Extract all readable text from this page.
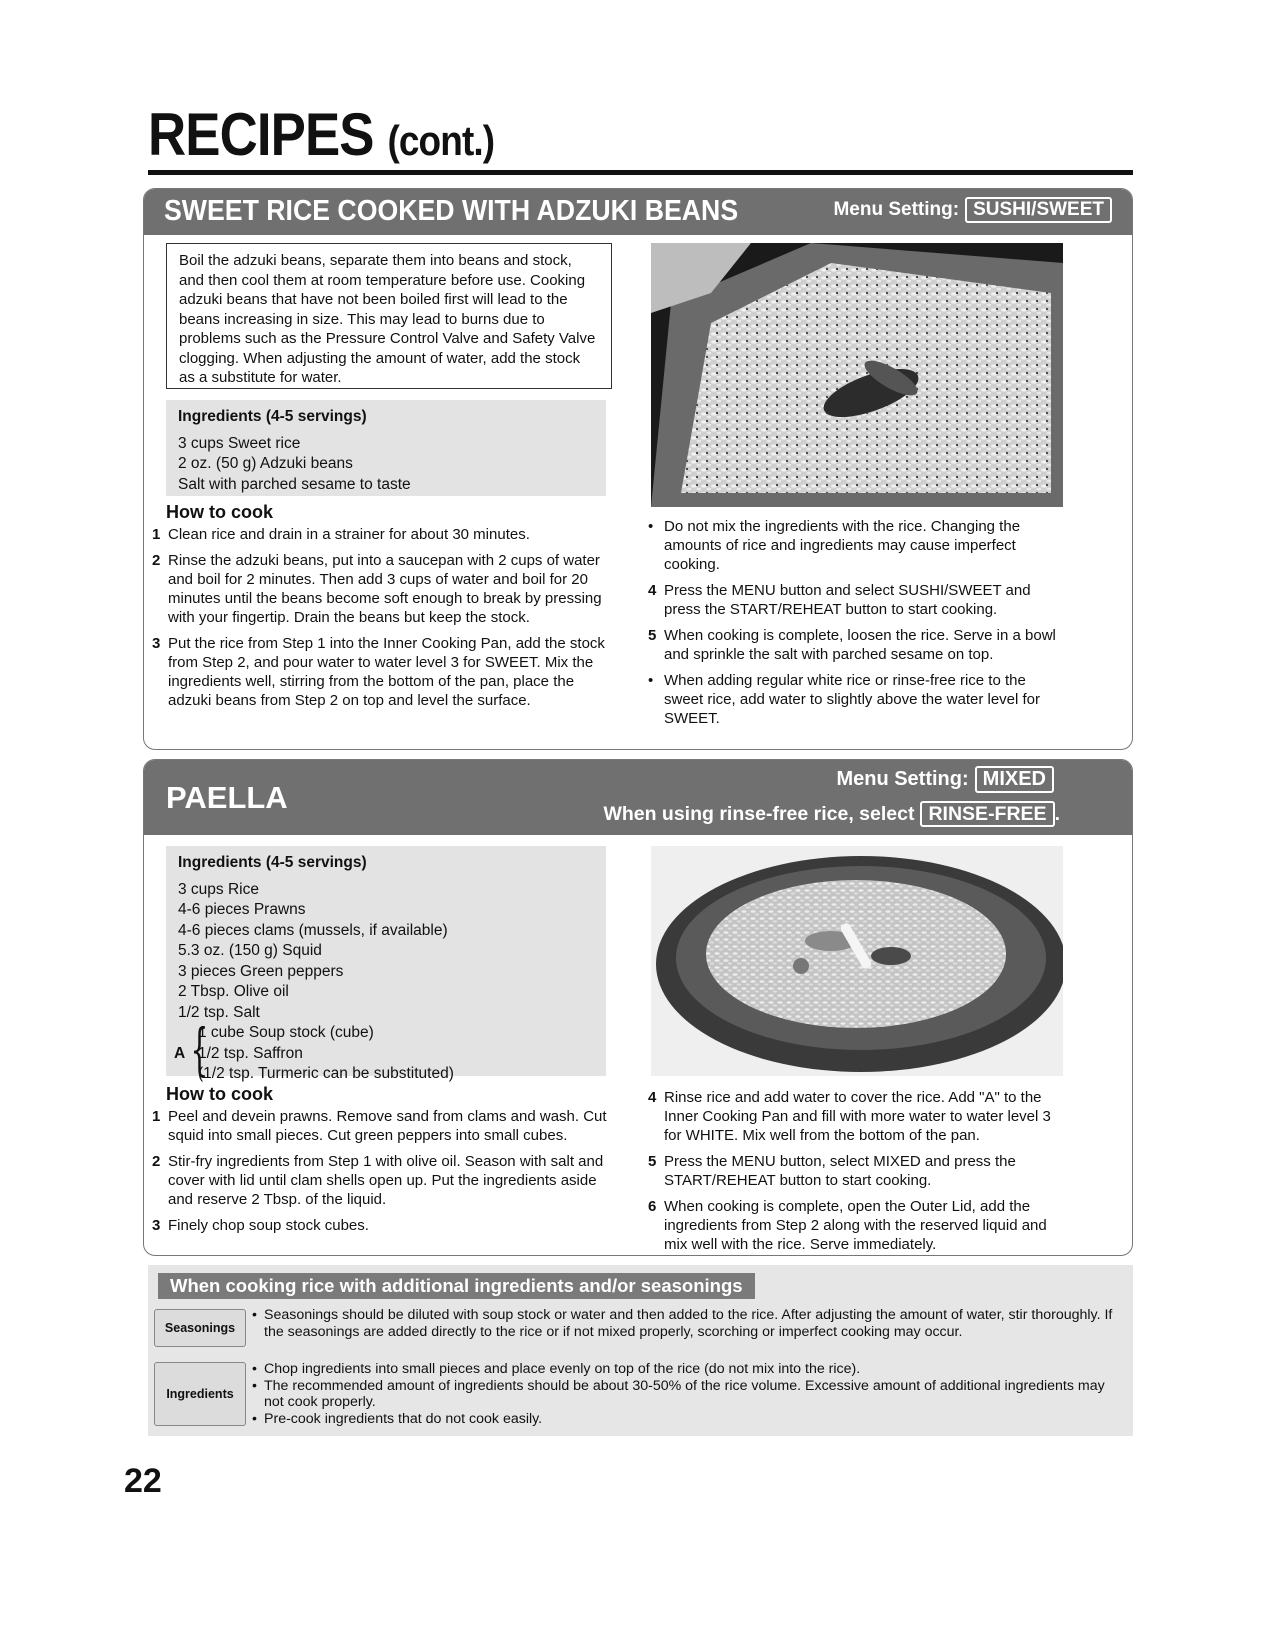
RECIPES (cont.)
SWEET RICE COOKED WITH ADZUKI BEANS	Menu Setting: SUSHI/SWEET
Boil the adzuki beans, separate them into beans and stock, and then cool them at room temperature before use. Cooking adzuki beans that have not been boiled first will lead to the beans increasing in size. This may lead to burns due to problems such as the Pressure Control Valve and Safety Valve clogging. When adjusting the amount of water, add the stock as a substitute for water.
Ingredients (4-5 servings)
3 cups Sweet rice
2 oz. (50 g) Adzuki beans
Salt with parched sesame to taste
How to cook
1 Clean rice and drain in a strainer for about 30 minutes.
2 Rinse the adzuki beans, put into a saucepan with 2 cups of water and boil for 2 minutes. Then add 3 cups of water and boil for 20 minutes until the beans become soft enough to break by pressing with your fingertip. Drain the beans but keep the stock.
3 Put the rice from Step 1 into the Inner Cooking Pan, add the stock from Step 2, and pour water to water level 3 for SWEET. Mix the ingredients well, stirring from the bottom of the pan, place the adzuki beans from Step 2 on top and level the surface.
• Do not mix the ingredients with the rice. Changing the amounts of rice and ingredients may cause imperfect cooking.
4 Press the MENU button and select SUSHI/SWEET and press the START/REHEAT button to start cooking.
5 When cooking is complete, loosen the rice. Serve in a bowl and sprinkle the salt with parched sesame on top.
• When adding regular white rice or rinse-free rice to the sweet rice, add water to slightly above the water level for SWEET.
PAELLA
Menu Setting: MIXED
When using rinse-free rice, select RINSE-FREE .
Ingredients (4-5 servings)
3 cups Rice
4-6 pieces Prawns
4-6 pieces clams (mussels, if available)
5.3 oz. (150 g) Squid
3 pieces Green peppers
2 Tbsp. Olive oil
1/2 tsp. Salt
A {
1 cube Soup stock (cube)
1/2 tsp. Saffron
(1/2 tsp. Turmeric can be substituted)
How to cook
1 Peel and devein prawns. Remove sand from clams and wash. Cut squid into small pieces. Cut green peppers into small cubes.
2 Stir-fry ingredients from Step 1 with olive oil. Season with salt and cover with lid until clam shells open up. Put the ingredients aside and reserve 2 Tbsp. of the liquid.
3 Finely chop soup stock cubes.
4 Rinse rice and add water to cover the rice. Add "A" to the Inner Cooking Pan and fill with more water to water level 3 for WHITE. Mix well from the bottom of the pan.
5 Press the MENU button, select MIXED and press the START/REHEAT button to start cooking.
6 When cooking is complete, open the Outer Lid, add the ingredients from Step 2 along with the reserved liquid and mix well with the rice. Serve immediately.
When cooking rice with additional ingredients and/or seasonings
Seasonings
• Seasonings should be diluted with soup stock or water and then added to the rice. After adjusting the amount of water, stir thoroughly. If the seasonings are added directly to the rice or if not mixed properly, scorching or imperfect cooking may occur.
Ingredients
• Chop ingredients into small pieces and place evenly on top of the rice (do not mix into the rice).
• The recommended amount of ingredients should be about 30-50% of the rice volume. Excessive amount of additional ingredients may not cook properly.
• Pre-cook ingredients that do not cook easily.
22
